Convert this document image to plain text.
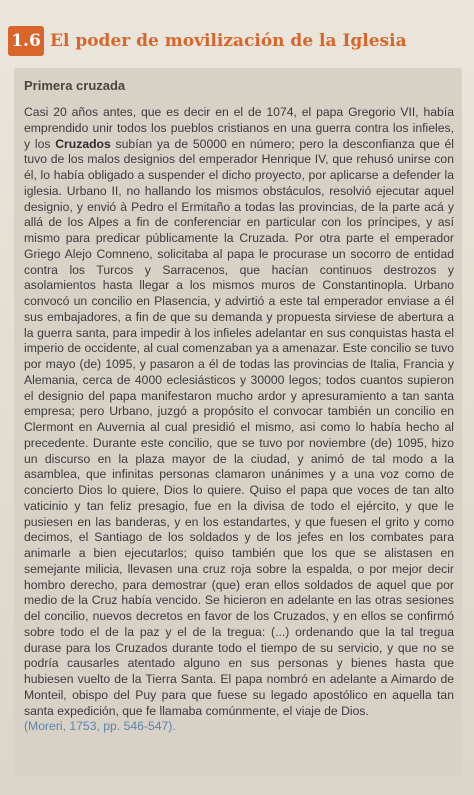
1.6 El poder de movilización de la Iglesia
Primera cruzada

Casi 20 años antes, que es decir en el de 1074, el papa Gregorio VII, había emprendido unir todos los pueblos cristianos en una guerra contra los infieles, y los Cruzados subían ya de 50000 en número; pero la desconfianza que él tuvo de los malos designios del emperador Henrique IV, que rehusó unirse con él, lo había obligado a suspender el dicho proyecto, por aplicarse a defender la iglesia. Urbano II, no hallando los mismos obstáculos, resolvió ejecutar aquel designio, y envió à Pedro el Ermitaño a todas las provincias, de la parte acá y allá de los Alpes a fin de conferenciar en particular con los príncipes, y así mismo para predicar públicamente la Cruzada. Por otra parte el emperador Griego Alejo Comneno, solicitaba al papa le procurase un socorro de entidad contra los Turcos y Sarracenos, que hacían continuos destrozos y asolamientos hasta llegar a los mismos muros de Constantinopla. Urbano convocó un concilio en Plasencia, y advirtió a este tal emperador enviase a él sus embajadores, a fin de que su demanda y propuesta sirviese de abertura a la guerra santa, para impedir à los infieles adelantar en sus conquistas hasta el imperio de occidente, al cual comenzaban ya a amenazar. Este concilio se tuvo por mayo (de) 1095, y pasaron a él de todas las provincias de Italia, Francia y Alemania, cerca de 4000 eclesiásticos y 30000 legos; todos cuantos supieron el designio del papa manifestaron mucho ardor y apresuramiento a tan santa empresa; pero Urbano, juzgó a propósito el convocar también un concilio en Clermont en Auvernia al cual presidió el mismo, asi como lo había hecho al precedente. Durante este concilio, que se tuvo por noviembre (de) 1095, hizo un discurso en la plaza mayor de la ciudad, y animó de tal modo a la asamblea, que infinitas personas clamaron unánimes y a una voz como de concierto Dios lo quiere, Dios lo quiere. Quiso el papa que voces de tan alto vaticinio y tan feliz presagio, fue en la divisa de todo el ejército, y que le pusiesen en las banderas, y en los estandartes, y que fuesen el grito y como decimos, el Santiago de los soldados y de los jefes en los combates para animarle a bien ejecutarlos; quiso también que los que se alistasen en semejante milicia, llevasen una cruz roja sobre la espalda, o por mejor decir hombro derecho, para demostrar (que) eran ellos soldados de aquel que por medio de la Cruz había vencido. Se hicieron en adelante en las otras sesiones del concilio, nuevos decretos en favor de los Cruzados, y en ellos se confirmó sobre todo el de la paz y el de la tregua: (...) ordenando que la tal tregua durase para los Cruzados durante todo el tiempo de su servicio, y que no se podría causarles atentado alguno en sus personas y bienes hasta que hubiesen vuelto de la Tierra Santa. El papa nombró en adelante a Aimardo de Monteil, obispo del Puy para que fuese su legado apostólico en aquella tan santa expedición, que fe llamaba comúnmente, el viaje de Dios.
(Moreri, 1753, pp. 546-547).
